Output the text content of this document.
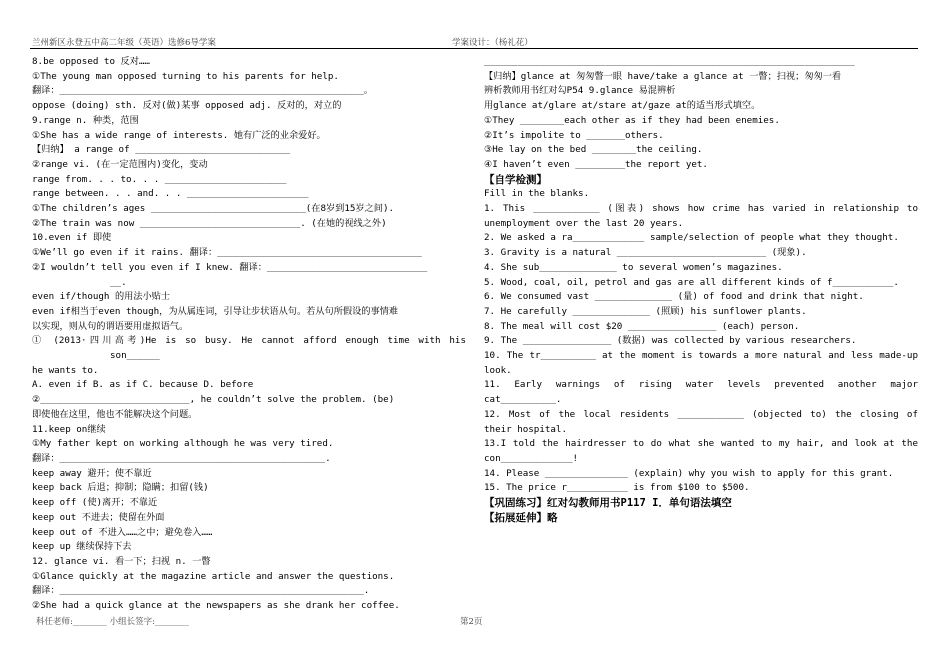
兰州新区永登五中高二年级（英语）选修6导学案	学案设计：（杨礼花）
8.be opposed to 反对……
①The young man opposed turning to his parents for help.
翻译：_______________________________________________________。
oppose (doing) sth. 反对(做)某事 opposed adj. 反对的，对立的
9.range n. 种类，范围
①She has a wide range of interests. 她有广泛的业余爱好。
【归纳】 a range of ____________________________
②range vi. (在一定范围内)变化，变动
range from. . . to. . . ______________________
range between. . . and. . . ______________________
①The children’s ages ____________________________(在8岁到15岁之间).
②The train was now _____________________________. (在她的视线之外)
10.even if 即使
①We’ll go even if it rains. 翻译：_____________________________________
②I wouldn’t tell you even if I knew. 翻译：_____________________________
__.
even if/though 的用法小贴士
even if相当于even though，为从属连词，引导让步状语从句。若从句所假设的事情难
以实现，则从句的谓语要用虚拟语气。
① (2013·四川高考)He is so busy. He cannot afford enough time with his
son______
he wants to.
A. even if B. as if C. because D. before
②___________________________, he couldn’t solve the problem. (be)
即使他在这里，他也不能解决这个问题。
11.keep on继续
①My father kept on working although he was very tired.
翻译：________________________________________________.
keep away 避开；使不靠近
keep back 后退；抑制；隐瞒；扣留(钱)
keep off (使)离开；不靠近
keep out 不进去；使留在外面
keep out of 不进入……之中；避免卷入……
keep up 继续保持下去
12. glance vi. 看一下；扫视 n. 一瞥
①Glance quickly at the magazine article and answer the questions.
翻译：_______________________________________________________.
②She had a quick glance at the newspapers as she drank her coffee.
___________________________________________________________________
【归纳】glance at 匆匆瞥一眼 have/take a glance at 一瞥；扫视；匆匆一看
辨析教师用书红对勾P54 9.glance 易混辨析
用glance at/glare at/stare at/gaze at的适当形式填空。
①They ________each other as if they had been enemies.
②It’s impolite to _______others.
③He lay on the bed ________the ceiling.
④I haven’t even _________the report yet.
【自学检测】
Fill in the blanks.
1. This ____________ (图表) shows how crime has varied in relationship to
unemployment over the last 20 years.
2. We asked a ra_____________ sample/selection of people what they thought.
3. Gravity is a natural ___________________________ (现象).
4. She sub______________ to several women’s magazines.
5. Wood, coal, oil, petrol and gas are all different kinds of f___________.
6. We consumed vast ______________ (量) of food and drink that night.
7. He carefully ______________ (照顾) his sunflower plants.
8. The meal will cost $20 ________________ (each) person.
9. The ________________ (数据) was collected by various researchers.
10. The tr__________ at the moment is towards a more natural and less made-up
look.
11. Early warnings of rising water levels prevented another major
cat__________.
12. Most of the local residents ____________ (objected to) the closing of
their hospital.
13.I told the hairdresser to do what she wanted to my hair, and look at the
con_____________!
14. Please _______________ (explain) why you wish to apply for this grant.
15. The price r___________ is from $100 to $500.
【巩固练习】红对勾教师用书P117 I．单句语法填空
【拓展延伸】略
科任老师:________ 小组长签字:________	第2页
